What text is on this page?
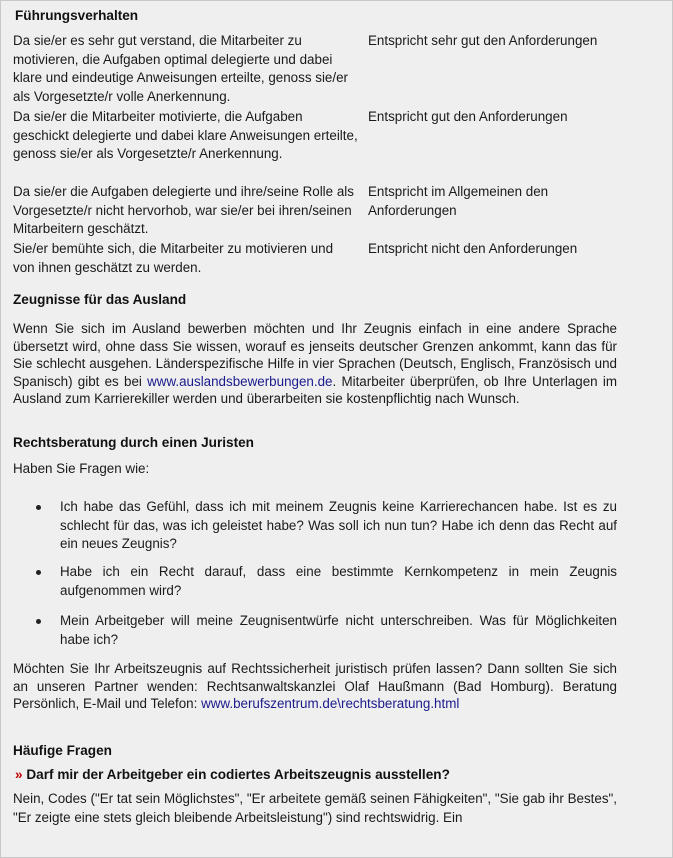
Führungsverhalten
Da sie/er es sehr gut verstand, die Mitarbeiter zu motivieren, die Aufgaben optimal delegierte und dabei klare und eindeutige Anweisungen erteilte, genoss sie/er als Vorgesetzte/r volle Anerkennung.
Entspricht sehr gut den Anforderungen
Da sie/er die Mitarbeiter motivierte, die Aufgaben geschickt delegierte und dabei klare Anweisungen erteilte, genoss sie/er als Vorgesetzte/r Anerkennung.
Entspricht gut den Anforderungen
Da sie/er die Aufgaben delegierte und ihre/seine Rolle als Vorgesetzte/r nicht hervorhob, war sie/er bei ihren/seinen Mitarbeitern geschätzt.
Entspricht im Allgemeinen den Anforderungen
Sie/er bemühte sich, die Mitarbeiter zu motivieren und von ihnen geschätzt zu werden.
Entspricht nicht den Anforderungen
Zeugnisse für das Ausland
Wenn Sie sich im Ausland bewerben möchten und Ihr Zeugnis einfach in eine andere Sprache übersetzt wird, ohne dass Sie wissen, worauf es jenseits deutscher Grenzen ankommt, kann das für Sie schlecht ausgehen. Länderspezifische Hilfe in vier Sprachen (Deutsch, Englisch, Französisch und Spanisch) gibt es bei www.auslandsbewerbungen.de. Mitarbeiter überprüfen, ob Ihre Unterlagen im Ausland zum Karrierekiller werden und überarbeiten sie kostenpflichtig nach Wunsch.
Rechtsberatung durch einen Juristen
Haben Sie Fragen wie:
Ich habe das Gefühl, dass ich mit meinem Zeugnis keine Karrierechancen habe. Ist es zu schlecht für das, was ich geleistet habe? Was soll ich nun tun? Habe ich denn das Recht auf ein neues Zeugnis?
Habe ich ein Recht darauf, dass eine bestimmte Kernkompetenz in mein Zeugnis aufgenommen wird?
Mein Arbeitgeber will meine Zeugnisentwürfe nicht unterschreiben. Was für Möglichkeiten habe ich?
Möchten Sie Ihr Arbeitszeugnis auf Rechtssicherheit juristisch prüfen lassen? Dann sollten Sie sich an unseren Partner wenden: Rechtsanwaltskanzlei Olaf Haußmann (Bad Homburg). Beratung Persönlich, E-Mail und Telefon: www.berufszentrum.de\rechtsberatung.html
Häufige Fragen
» Darf mir der Arbeitgeber ein codiertes Arbeitszeugnis ausstellen?
Nein, Codes ("Er tat sein Möglichstes", "Er arbeitete gemäß seinen Fähigkeiten", "Sie gab ihr Bestes", "Er zeigte eine stets gleich bleibende Arbeitsleistung") sind rechtswidrig. Ein
